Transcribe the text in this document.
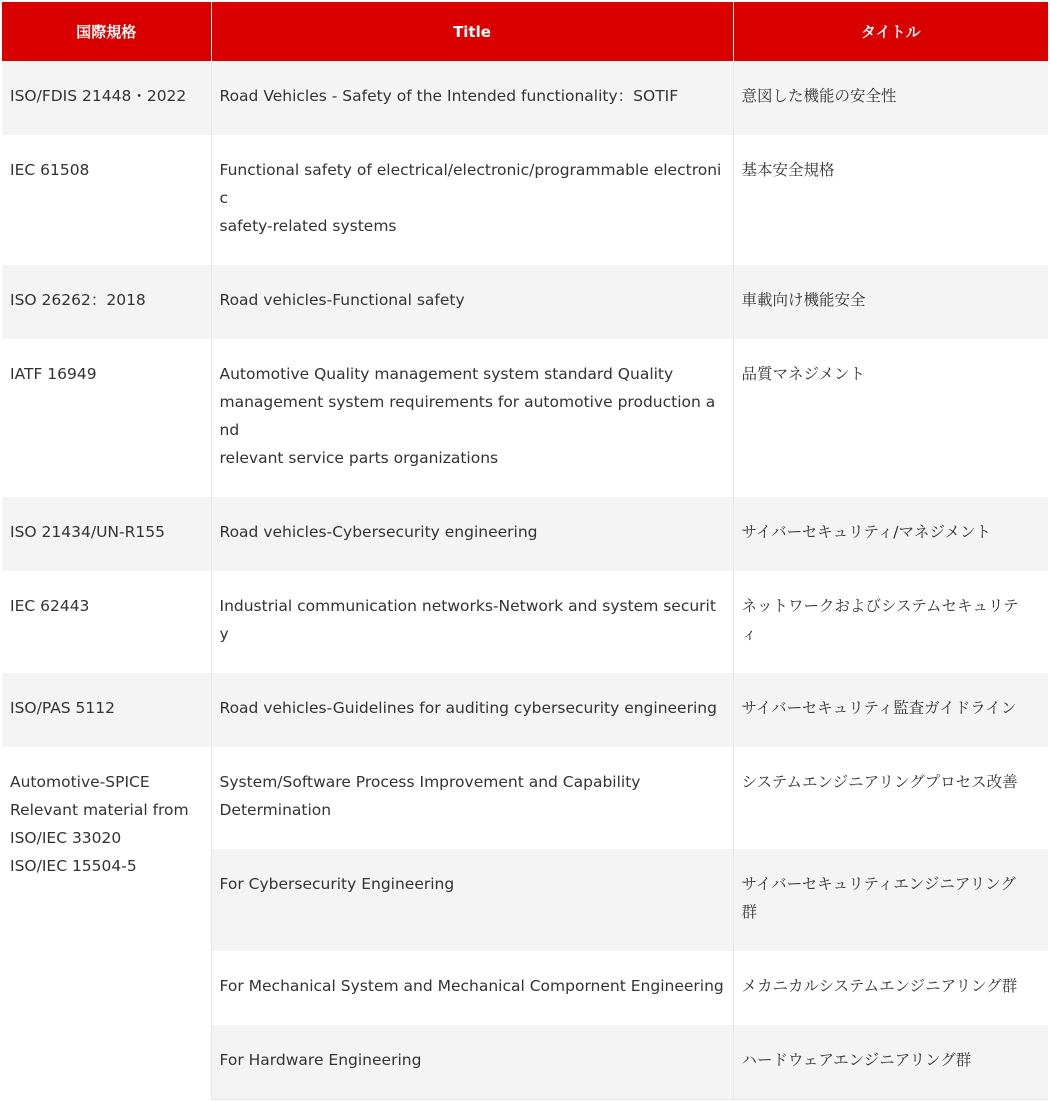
国際規格	Title	タイトル

ISO/FDIS 21448・2022	Road Vehicles - Safety of the Intended functionality：SOTIF	意図した機能の安全性

IEC 61508	Functional safety of electrical/electronic/programmable electroni
c
safety-related systems	基本安全規格

ISO 26262：2018	Road vehicles-Functional safety	車載向け機能安全

IATF 16949	Automotive Quality management system standard Quality
management system requirements for automotive production a
nd
relevant service parts organizations	品質マネジメント

ISO 21434/UN-R155	Road vehicles-Cybersecurity engineering	サイバーセキュリティ/マネジメント

IEC 62443	Industrial communication networks-Network and system securit
y	ネットワークおよびシステムセキュリテ
ィ

ISO/PAS 5112	Road vehicles-Guidelines for auditing cybersecurity engineering	サイバーセキュリティ監査ガイドライン

Automotive-SPICE
Relevant material from
ISO/IEC 33020
ISO/IEC 15504-5	System/Software Process Improvement and Capability
Determination	システムエンジニアリングプロセス改善

	For Cybersecurity Engineering	サイバーセキュリティエンジニアリング
群

	For Mechanical System and Mechanical Compornent Engineering	メカニカルシステムエンジニアリング群

	For Hardware Engineering	ハードウェアエンジニアリング群
